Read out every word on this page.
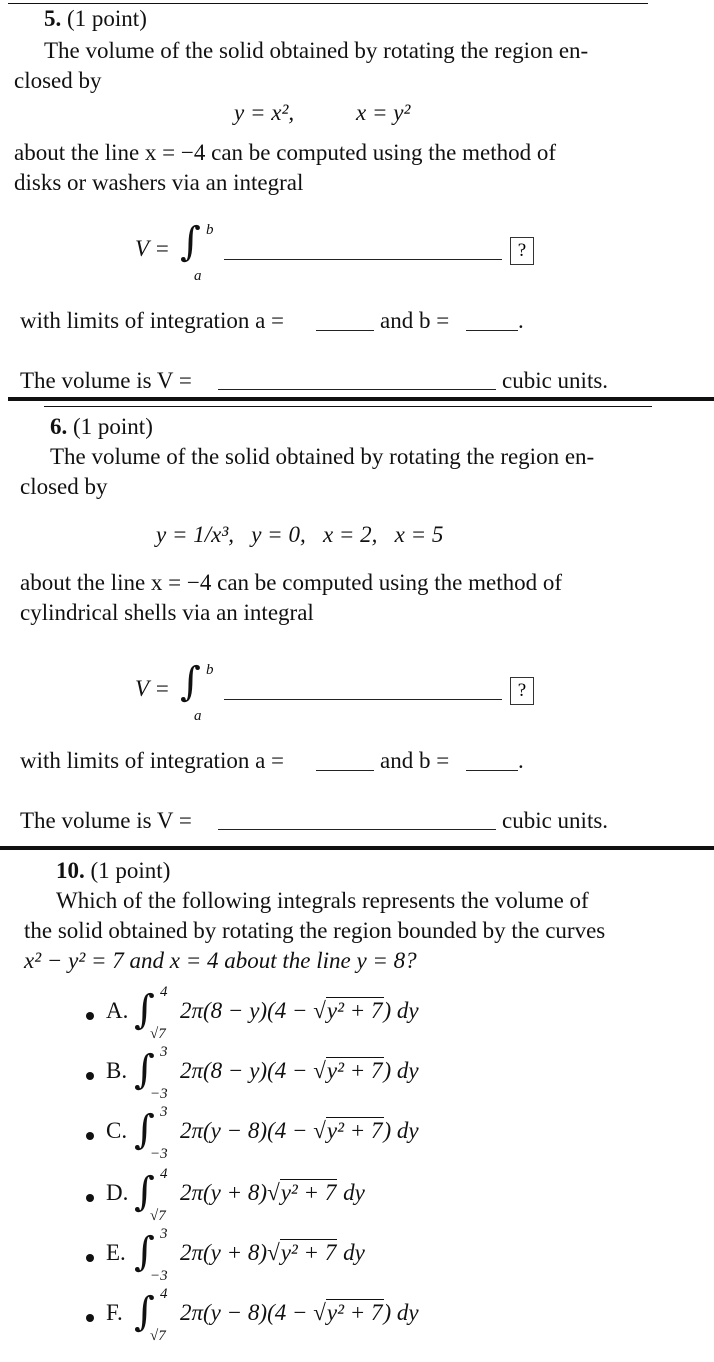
5. (1 point)
The volume of the solid obtained by rotating the region en-
closed by
y = x²,	x = y²
about the line x = −4 can be computed using the method of
disks or washers via an integral
V = ∫ b
a
?
with limits of integration a =	and b =	.
The volume is V =	cubic units.
6. (1 point)
The volume of the solid obtained by rotating the region en-
closed by
y = 1/x³,   y = 0,   x = 2,   x = 5
about the line x = −4 can be computed using the method of
cylindrical shells via an integral
V = ∫ b
a
?
with limits of integration a =	and b =	.
The volume is V =	cubic units.
10. (1 point)
Which of the following integrals represents the volume of
the solid obtained by rotating the region bounded by the curves
x² − y² = 7 and x = 4 about the line y = 8?
A. ∫ 4
√7
2π(8 − y)(4 − √y² + 7) dy
B. ∫ 3
−3
2π(8 − y)(4 − √y² + 7) dy
C. ∫ 3
−3
2π(y − 8)(4 − √y² + 7) dy
D. ∫ 4
√7
2π(y + 8)√y² + 7 dy
E. ∫ 3
−3
2π(y + 8)√y² + 7 dy
F. ∫ 4
√7
2π(y − 8)(4 − √y² + 7) dy
